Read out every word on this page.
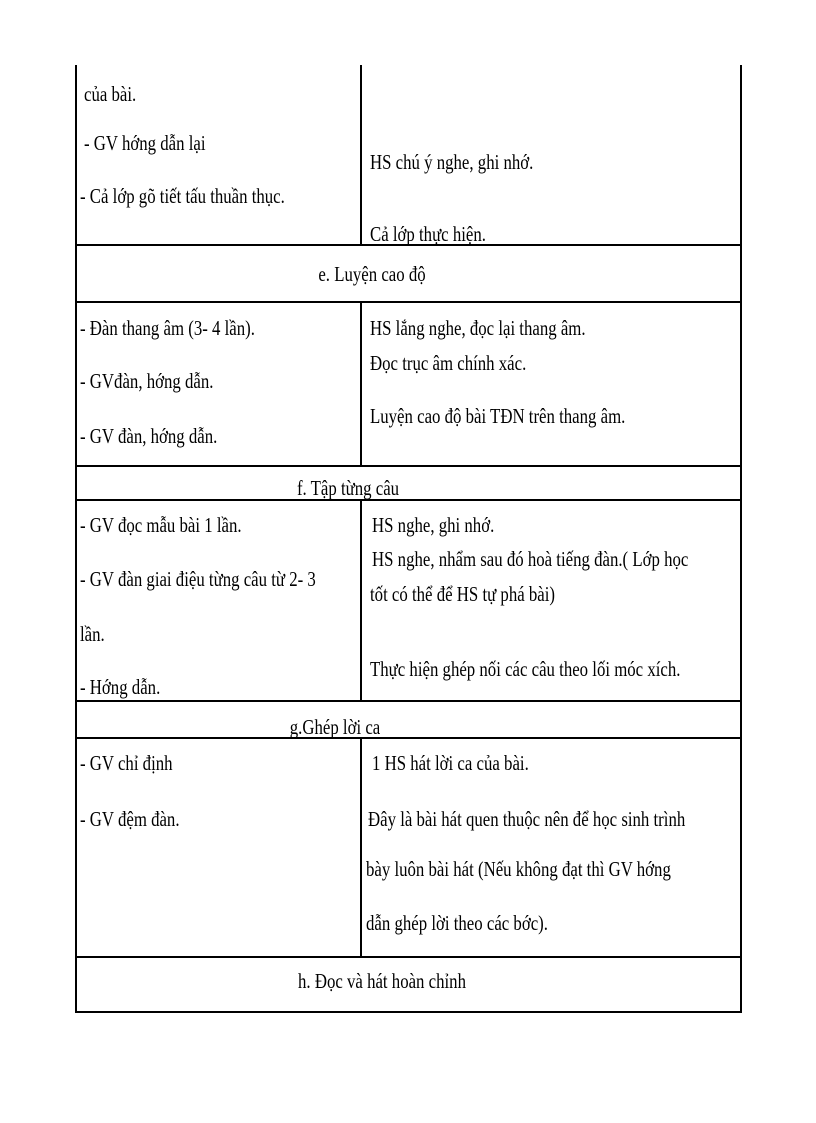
của bài.
- GV hớng dẫn lại
- Cả lớp gõ tiết tấu thuần thục.
HS chú ý nghe, ghi nhớ.
Cả lớp thực hiện.
e. Luyện cao độ
- Đàn thang âm (3- 4 lần).
- GVđàn, hớng dẫn.
- GV đàn, hớng dẫn.
HS lắng nghe, đọc lại thang âm.
Đọc trục âm chính xác.
Luyện cao độ bài TĐN trên thang âm.
f. Tập từng câu
- GV đọc mẫu bài 1 lần.
- GV đàn giai điệu từng câu từ 2- 3
lần.
- Hớng dẫn.
HS nghe, ghi nhớ.
HS nghe, nhẩm sau đó hoà tiếng đàn.( Lớp học
tốt có thể để HS tự phá bài)
Thực hiện ghép nối các câu theo lối móc xích.
g.Ghép lời ca
- GV chỉ định
- GV đệm đàn.
1 HS hát lời ca của bài.
Đây là bài hát quen thuộc nên để học sinh trình
bày luôn bài hát (Nếu không đạt thì GV hớng
dẫn ghép lời theo các bớc).
h. Đọc và hát hoàn chỉnh
